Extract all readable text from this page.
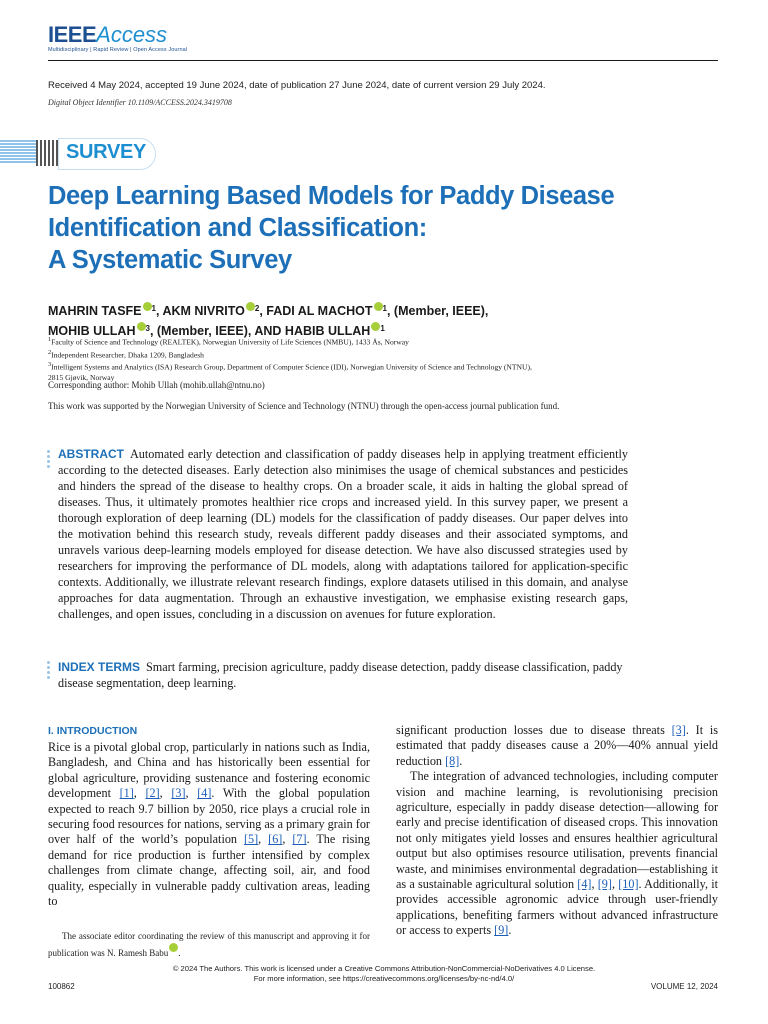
IEEEAccess
Multidisciplinary | Rapid Review | Open Access Journal
Received 4 May 2024, accepted 19 June 2024, date of publication 27 June 2024, date of current version 29 July 2024.
Digital Object Identifier 10.1109/ACCESS.2024.3419708
SURVEY
Deep Learning Based Models for Paddy Disease
Identification and Classification:
A Systematic Survey
MAHRIN TASFE $^1$, AKM NIVRITO $^2$, FADI AL MACHOT $^1$, (Member, IEEE),
MOHIB ULLAH $^3$, (Member, IEEE), AND HABIB ULLAH $^1$
$^1$Faculty of Science and Technology (REALTEK), Norwegian University of Life Sciences (NMBU), 1433 Ås, Norway
$^2$Independent Researcher, Dhaka 1209, Bangladesh
$^3$Intelligent Systems and Analytics (ISA) Research Group, Department of Computer Science (IDI), Norwegian University of Science and Technology (NTNU),
2815 Gjøvik, Norway
Corresponding author: Mohib Ullah (mohib.ullah@ntnu.no)
This work was supported by the Norwegian University of Science and Technology (NTNU) through the open-access journal publication fund.
ABSTRACT Automated early detection and classification of paddy diseases help in applying treatment efficiently according to the detected diseases. Early detection also minimises the usage of chemical substances and pesticides and hinders the spread of the disease to healthy crops. On a broader scale, it aids in halting the global spread of diseases. Thus, it ultimately promotes healthier rice crops and increased yield. In this survey paper, we present a thorough exploration of deep learning (DL) models for the classification of paddy diseases. Our paper delves into the motivation behind this research study, reveals different paddy diseases and their associated symptoms, and unravels various deep-learning models employed for disease detection. We have also discussed strategies used by researchers for improving the performance of DL models, along with adaptations tailored for application-specific contexts. Additionally, we illustrate relevant research findings, explore datasets utilised in this domain, and analyse approaches for data augmentation. Through an exhaustive investigation, we emphasise existing research gaps, challenges, and open issues, concluding in a discussion on avenues for future exploration.
INDEX TERMS Smart farming, precision agriculture, paddy disease detection, paddy disease classification, paddy disease segmentation, deep learning.
I. INTRODUCTION
Rice is a pivotal global crop, particularly in nations such as India, Bangladesh, and China and has historically been essential for global agriculture, providing sustenance and fostering economic development [1], [2], [3], [4]. With the global population expected to reach 9.7 billion by 2050, rice plays a crucial role in securing food resources for nations, serving as a primary grain for over half of the world’s population [5], [6], [7]. The rising demand for rice production is further intensified by complex challenges from climate change, affecting soil, air, and food quality, especially in vulnerable paddy cultivation areas, leading to
significant production losses due to disease threats [3]. It is estimated that paddy diseases cause a 20%—40% annual yield reduction [8].
The integration of advanced technologies, including computer vision and machine learning, is revolutionising precision agriculture, especially in paddy disease detection—allowing for early and precise identification of diseased crops. This innovation not only mitigates yield losses and ensures healthier agricultural output but also optimises resource utilisation, prevents financial waste, and minimises environmental degradation—establishing it as a sustainable agricultural solution [4], [9], [10]. Additionally, it provides accessible agronomic advice through user-friendly applications, benefiting farmers without advanced infrastructure or access to experts [9].
The associate editor coordinating the review of this manuscript and approving it for publication was N. Ramesh Babu .
© 2024 The Authors. This work is licensed under a Creative Commons Attribution-NonCommercial-NoDerivatives 4.0 License.
For more information, see https://creativecommons.org/licenses/by-nc-nd/4.0/
100862	VOLUME 12, 2024
